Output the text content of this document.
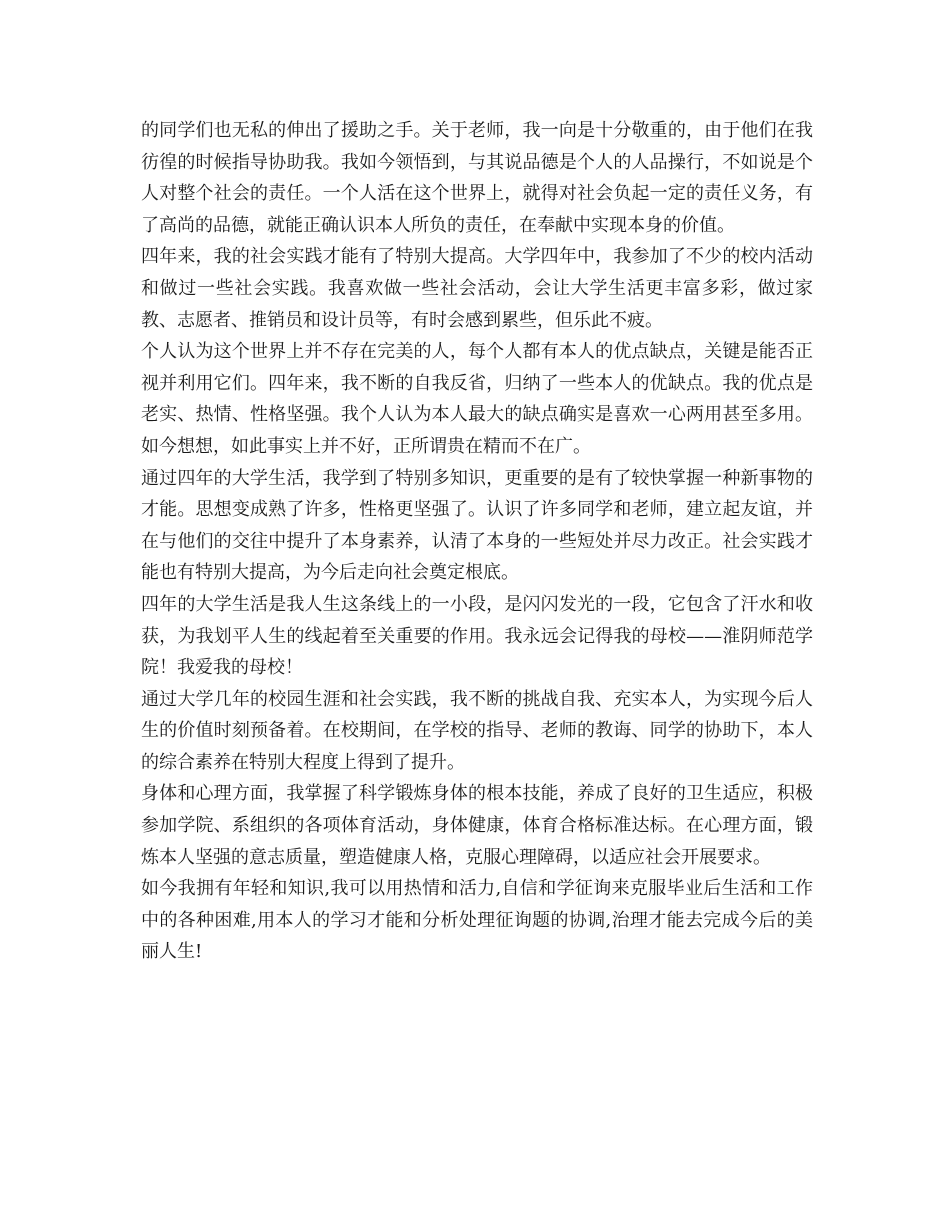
的同学们也无私的伸出了援助之手。关于老师，我一向是十分敬重的，由于他们在我彷徨的时候指导协助我。我如今领悟到，与其说品德是个人的人品操行，不如说是个人对整个社会的责任。一个人活在这个世界上，就得对社会负起一定的责任义务，有了高尚的品德，就能正确认识本人所负的责任，在奉献中实现本身的价值。

四年来，我的社会实践才能有了特别大提高。大学四年中，我参加了不少的校内活动和做过一些社会实践。我喜欢做一些社会活动，会让大学生活更丰富多彩，做过家教、志愿者、推销员和设计员等，有时会感到累些，但乐此不疲。

个人认为这个世界上并不存在完美的人，每个人都有本人的优点缺点，关键是能否正视并利用它们。四年来，我不断的自我反省，归纳了一些本人的优缺点。我的优点是老实、热情、性格坚强。我个人认为本人最大的缺点确实是喜欢一心两用甚至多用。如今想想，如此事实上并不好，正所谓贵在精而不在广。

通过四年的大学生活，我学到了特别多知识，更重要的是有了较快掌握一种新事物的才能。思想变成熟了许多，性格更坚强了。认识了许多同学和老师，建立起友谊，并在与他们的交往中提升了本身素养，认清了本身的一些短处并尽力改正。社会实践才能也有特别大提高，为今后走向社会奠定根底。

四年的大学生活是我人生这条线上的一小段，是闪闪发光的一段，它包含了汗水和收获，为我划平人生的线起着至关重要的作用。我永远会记得我的母校——淮阴师范学院！我爱我的母校！

通过大学几年的校园生涯和社会实践，我不断的挑战自我、充实本人，为实现今后人生的价值时刻预备着。在校期间，在学校的指导、老师的教诲、同学的协助下，本人的综合素养在特别大程度上得到了提升。

身体和心理方面，我掌握了科学锻炼身体的根本技能，养成了良好的卫生适应，积极参加学院、系组织的各项体育活动，身体健康，体育合格标准达标。在心理方面，锻炼本人坚强的意志质量，塑造健康人格，克服心理障碍，以适应社会开展要求。

如今我拥有年轻和知识,我可以用热情和活力,自信和学征询来克服毕业后生活和工作中的各种困难,用本人的学习才能和分析处理征询题的协调,治理才能去完成今后的美丽人生!
